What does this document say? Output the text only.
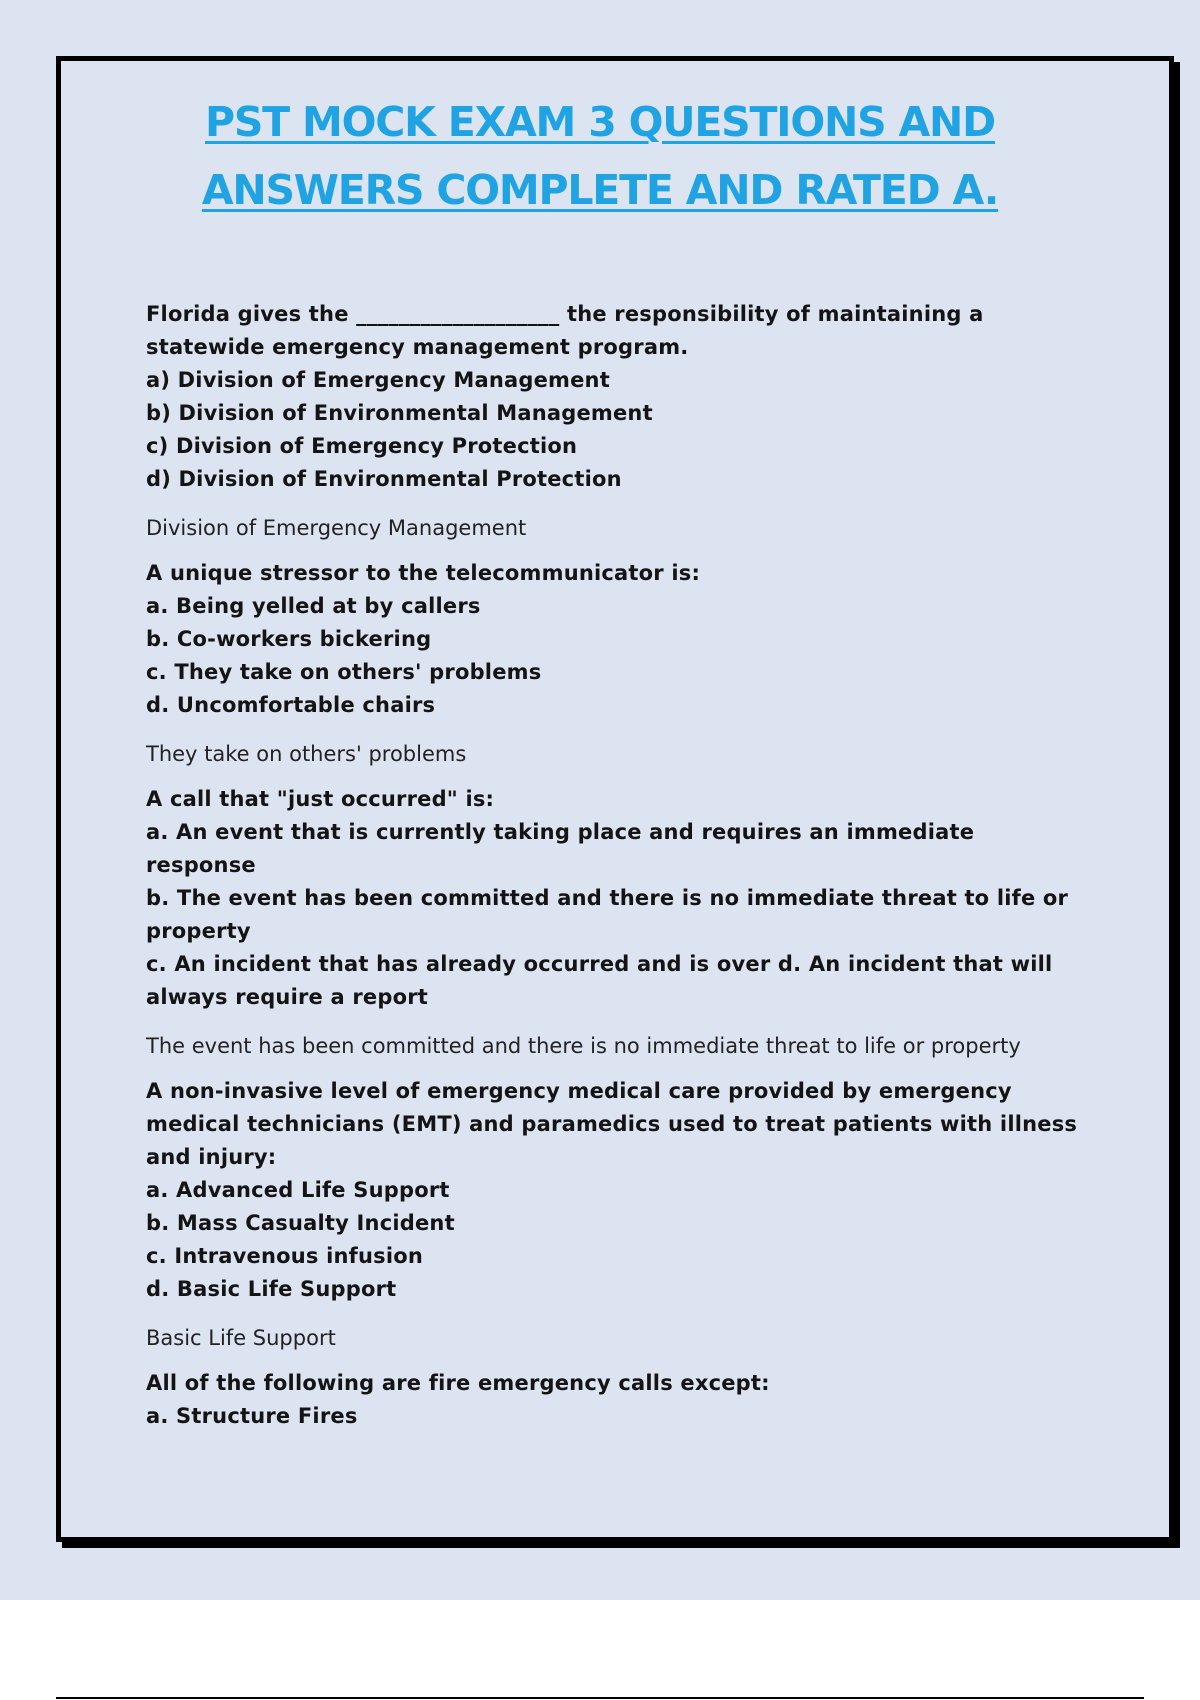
PST MOCK EXAM 3 QUESTIONS AND
ANSWERS COMPLETE AND RATED A.
Florida gives the ___________________ the responsibility of maintaining a
statewide emergency management program.
a) Division of Emergency Management
b) Division of Environmental Management
c) Division of Emergency Protection
d) Division of Environmental Protection
Division of Emergency Management
A unique stressor to the telecommunicator is:
a. Being yelled at by callers
b. Co-workers bickering
c. They take on others' problems
d. Uncomfortable chairs
They take on others' problems
A call that "just occurred" is:
a. An event that is currently taking place and requires an immediate response
b. The event has been committed and there is no immediate threat to life or
property
c. An incident that has already occurred and is over d. An incident that will
always require a report
The event has been committed and there is no immediate threat to life or property
A non-invasive level of emergency medical care provided by emergency
medical technicians (EMT) and paramedics used to treat patients with illness
and injury:
a. Advanced Life Support
b. Mass Casualty Incident
c. Intravenous infusion
d. Basic Life Support
Basic Life Support
All of the following are fire emergency calls except:
a. Structure Fires
